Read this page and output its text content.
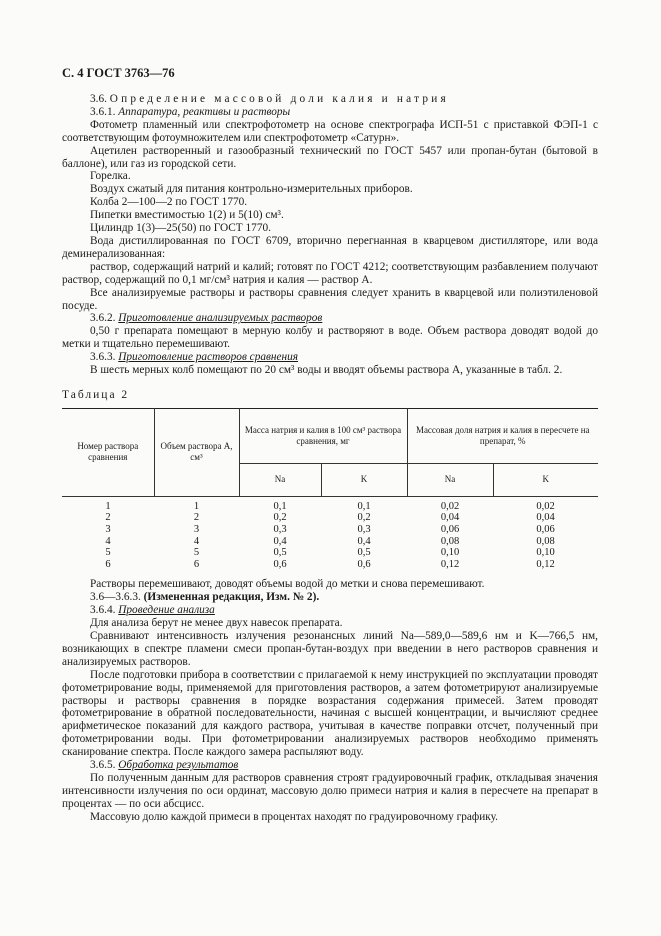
С. 4 ГОСТ 3763—76

3.6. Определение массовой доли калия и натрия

3.6.1. Аппаратура, реактивы и растворы

Фотометр пламенный или спектрофотометр на основе спектрографа ИСП-51 с приставкой ФЭП-1 с соответствующим фотоумножителем или спектрофотометр «Сатурн».

Ацетилен растворенный и газообразный технический по ГОСТ 5457 или пропан-бутан (бытовой в баллоне), или газ из городской сети.

Горелка.

Воздух сжатый для питания контрольно-измерительных приборов.

Колба 2—100—2 по ГОСТ 1770.

Пипетки вместимостью 1(2) и 5(10) см³.

Цилиндр 1(3)—25(50) по ГОСТ 1770.

Вода дистиллированная по ГОСТ 6709, вторично перегнанная в кварцевом дистилляторе, или вода деминерализованная:

раствор, содержащий натрий и калий; готовят по ГОСТ 4212; соответствующим разбавлением получают раствор, содержащий по 0,1 мг/см³ натрия и калия — раствор А.

Все анализируемые растворы и растворы сравнения следует хранить в кварцевой или полиэтиленовой посуде.

3.6.2. Приготовление анализируемых растворов

0,50 г препарата помещают в мерную колбу и растворяют в воде. Объем раствора доводят водой до метки и тщательно перемешивают.

3.6.3. Приготовление растворов сравнения

В шесть мерных колб помещают по 20 см³ воды и вводят объемы раствора А, указанные в табл. 2.

Таблица 2

Номер раствора сравнения	Объем раствора А, см³	Масса натрия и калия в 100 см³ раствора сравнения, мг		Массовая доля натрия и калия в пересчете на препарат, %	
		Na	K	Na	K
1	1	0,1	0,1	0,02	0,02
2	2	0,2	0,2	0,04	0,04
3	3	0,3	0,3	0,06	0,06
4	4	0,4	0,4	0,08	0,08
5	5	0,5	0,5	0,10	0,10
6	6	0,6	0,6	0,12	0,12

Растворы перемешивают, доводят объемы водой до метки и снова перемешивают.

3.6—3.6.3. (Измененная редакция, Изм. № 2).

3.6.4. Проведение анализа

Для анализа берут не менее двух навесок препарата.

Сравнивают интенсивность излучения резонансных линий Na—589,0—589,6 нм и K—766,5 нм, возникающих в спектре пламени смеси пропан-бутан-воздух при введении в него растворов сравнения и анализируемых растворов.

После подготовки прибора в соответствии с прилагаемой к нему инструкцией по эксплуатации проводят фотометрирование воды, применяемой для приготовления растворов, а затем фотометрируют анализируемые растворы и растворы сравнения в порядке возрастания содержания примесей. Затем проводят фотометрирование в обратной последовательности, начиная с высшей концентрации, и вычисляют среднее арифметическое показаний для каждого раствора, учитывая в качестве поправки отсчет, полученный при фотометрировании воды. При фотометрировании анализируемых растворов необходимо применять сканирование спектра. После каждого замера распыляют воду.

3.6.5. Обработка результатов

По полученным данным для растворов сравнения строят градуировочный график, откладывая значения интенсивности излучения по оси ординат, массовую долю примеси натрия и калия в пересчете на препарат в процентах — по оси абсцисс.

Массовую долю каждой примеси в процентах находят по градуировочному графику.
